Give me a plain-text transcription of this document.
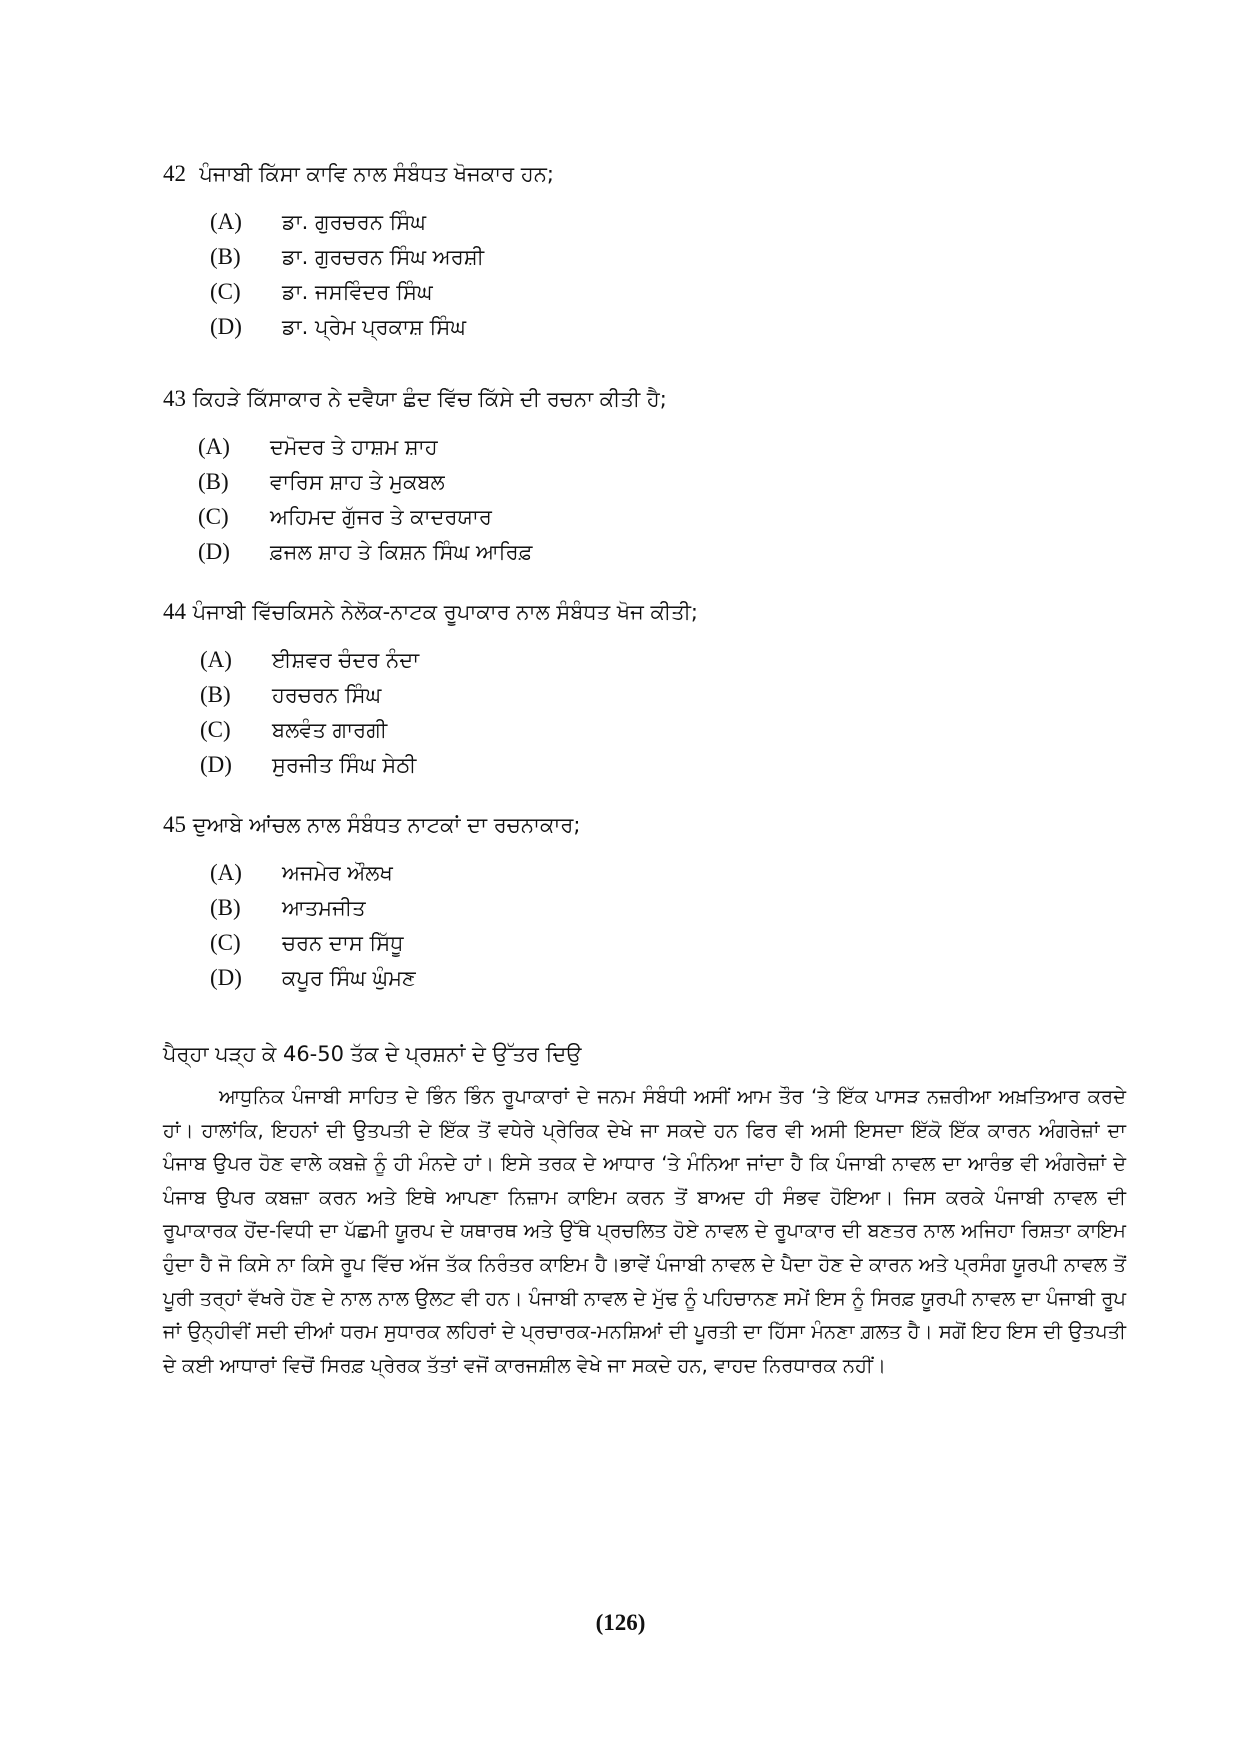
42 ਪੰਜਾਬੀ ਕਿੱਸਾ ਕਾਵਿ ਨਾਲ ਸੰਬੰਧਤ ਖੋਜਕਾਰ ਹਨ;
(A)	ਡਾ. ਗੁਰਚਰਨ ਸਿੰਘ
(B)	ਡਾ. ਗੁਰਚਰਨ ਸਿੰਘ ਅਰਸ਼ੀ
(C)	ਡਾ. ਜਸਵਿੰਦਰ ਸਿੰਘ
(D)	ਡਾ. ਪ੍ਰੇਮ ਪ੍ਰਕਾਸ਼ ਸਿੰਘ
43 ਕਿਹੜੇ ਕਿੱਸਾਕਾਰ ਨੇ ਦਵੈਯਾ ਛੰਦ ਵਿੱਚ ਕਿੱਸੇ ਦੀ ਰਚਨਾ ਕੀਤੀ ਹੈ;
(A)	ਦਮੋਦਰ ਤੇ ਹਾਸ਼ਮ ਸ਼ਾਹ
(B)	ਵਾਰਿਸ ਸ਼ਾਹ ਤੇ ਮੁਕਬਲ
(C)	ਅਹਿਮਦ ਗੁੱਜਰ ਤੇ ਕਾਦਰਯਾਰ
(D)	ਫ਼ਜਲ ਸ਼ਾਹ ਤੇ ਕਿਸ਼ਨ ਸਿੰਘ ਆਰਿਫ਼
44 ਪੰਜਾਬੀ ਵਿੱਚਕਿਸਨੇ ਨੇਲੋਕ-ਨਾਟਕ ਰੂਪਾਕਾਰ ਨਾਲ ਸੰਬੰਧਤ ਖੋਜ ਕੀਤੀ;
(A)	ਈਸ਼ਵਰ ਚੰਦਰ ਨੰਦਾ
(B)	ਹਰਚਰਨ ਸਿੰਘ
(C)	ਬਲਵੰਤ ਗਾਰਗੀ
(D)	ਸੁਰਜੀਤ ਸਿੰਘ ਸੇਠੀ
45 ਦੁਆਬੇ ਆਂਚਲ ਨਾਲ ਸੰਬੰਧਤ ਨਾਟਕਾਂ ਦਾ ਰਚਨਾਕਾਰ;
(A)	ਅਜਮੇਰ ਔਲਖ
(B)	ਆਤਮਜੀਤ
(C)	ਚਰਨ ਦਾਸ ਸਿੱਧੂ
(D)	ਕਪੂਰ ਸਿੰਘ ਘੁੰਮਣ
ਪੈਰ੍ਹਾ ਪੜ੍ਹ ਕੇ 46-50 ਤੱਕ ਦੇ ਪ੍ਰਸ਼ਨਾਂ ਦੇ ਉੱਤਰ ਦਿਉ

ਆਧੁਨਿਕ ਪੰਜਾਬੀ ਸਾਹਿਤ ਦੇ ਭਿੰਨ ਭਿੰਨ ਰੂਪਾਕਾਰਾਂ ਦੇ ਜਨਮ ਸੰਬੰਧੀ ਅਸੀਂ ਆਮ ਤੌਰ ‘ਤੇ ਇੱਕ ਪਾਸੜ ਨਜ਼ਰੀਆ ਅਖ਼ਤਿਆਰ ਕਰਦੇ ਹਾਂ। ਹਾਲਾਂਕਿ, ਇਹਨਾਂ ਦੀ ਉਤਪਤੀ ਦੇ ਇੱਕ ਤੋਂ ਵਧੇਰੇ ਪ੍ਰੇਰਿਕ ਦੇਖੇ ਜਾ ਸਕਦੇ ਹਨ ਫਿਰ ਵੀ ਅਸੀ ਇਸਦਾ ਇੱਕੋ ਇੱਕ ਕਾਰਨ ਅੰਗਰੇਜ਼ਾਂ ਦਾ ਪੰਜਾਬ ਉਪਰ ਹੋਣ ਵਾਲੇ ਕਬਜ਼ੇ ਨੂੰ ਹੀ ਮੰਨਦੇ ਹਾਂ। ਇਸੇ ਤਰਕ ਦੇ ਆਧਾਰ ‘ਤੇ ਮੰਨਿਆ ਜਾਂਦਾ ਹੈ ਕਿ ਪੰਜਾਬੀ ਨਾਵਲ ਦਾ ਆਰੰਭ ਵੀ ਅੰਗਰੇਜ਼ਾਂ ਦੇ ਪੰਜਾਬ ਉਪਰ ਕਬਜ਼ਾ ਕਰਨ ਅਤੇ ਇਥੇ ਆਪਣਾ ਨਿਜ਼ਾਮ ਕਾਇਮ ਕਰਨ ਤੋਂ ਬਾਅਦ ਹੀ ਸੰਭਵ ਹੋਇਆ। ਜਿਸ ਕਰਕੇ ਪੰਜਾਬੀ ਨਾਵਲ ਦੀ ਰੂਪਾਕਾਰਕ ਹੋਂਦ-ਵਿਧੀ ਦਾ ਪੱਛਮੀ ਯੂਰਪ ਦੇ ਯਥਾਰਥ ਅਤੇ ਉੱਥੇ ਪ੍ਰਚਲਿਤ ਹੋਏ ਨਾਵਲ ਦੇ ਰੂਪਾਕਾਰ ਦੀ ਬਣਤਰ ਨਾਲ ਅਜਿਹਾ ਰਿਸ਼ਤਾ ਕਾਇਮ ਹੁੰਦਾ ਹੈ ਜੋ ਕਿਸੇ ਨਾ ਕਿਸੇ ਰੂਪ ਵਿੱਚ ਅੱਜ ਤੱਕ ਨਿਰੰਤਰ ਕਾਇਮ ਹੈ।ਭਾਵੇਂ ਪੰਜਾਬੀ ਨਾਵਲ ਦੇ ਪੈਦਾ ਹੋਣ ਦੇ ਕਾਰਨ ਅਤੇ ਪ੍ਰਸੰਗ ਯੂਰਪੀ ਨਾਵਲ ਤੋਂ ਪੂਰੀ ਤਰ੍ਹਾਂ ਵੱਖਰੇ ਹੋਣ ਦੇ ਨਾਲ ਨਾਲ ਉਲਟ ਵੀ ਹਨ। ਪੰਜਾਬੀ ਨਾਵਲ ਦੇ ਮੁੱਢ ਨੂੰ ਪਹਿਚਾਨਣ ਸਮੇਂ ਇਸ ਨੂੰ ਸਿਰਫ਼ ਯੂਰਪੀ ਨਾਵਲ ਦਾ ਪੰਜਾਬੀ ਰੂਪ ਜਾਂ ਉਨ੍ਹੀਵੀਂ ਸਦੀ ਦੀਆਂ ਧਰਮ ਸੁਧਾਰਕ ਲਹਿਰਾਂ ਦੇ ਪ੍ਰਚਾਰਕ-ਮਨਸ਼ਿਆਂ ਦੀ ਪੂਰਤੀ ਦਾ ਹਿੱਸਾ ਮੰਨਣਾ ਗ਼ਲਤ ਹੈ। ਸਗੋਂ ਇਹ ਇਸ ਦੀ ਉਤਪਤੀ ਦੇ ਕਈ ਆਧਾਰਾਂ ਵਿਚੋਂ ਸਿਰਫ਼ ਪ੍ਰੇਰਕ ਤੱਤਾਂ ਵਜੋਂ ਕਾਰਜਸ਼ੀਲ ਵੇਖੇ ਜਾ ਸਕਦੇ ਹਨ, ਵਾਹਦ ਨਿਰਧਾਰਕ ਨਹੀਂ।

(126)
